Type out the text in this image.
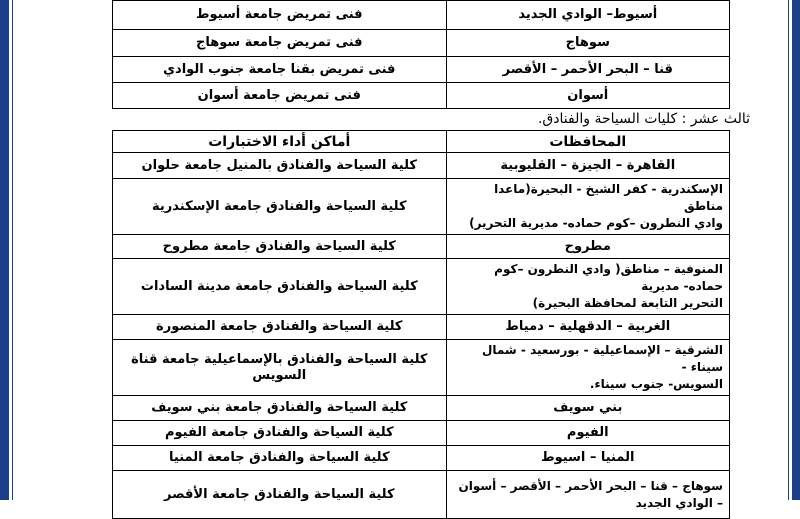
أسيوط– الوادي الجديد	فنى تمريض جامعة أسيوط
سوهاج	فنى تمريض جامعة سوهاج
قنا – البحر الأحمر – الأقصر	فنى تمريض بقنا جامعة جنوب الوادي
أسوان	فنى تمريض جامعة أسوان
ثالث عشر : كليات السياحة والفنادق.
المحافظات	أماكن أداء الاختبارات
القاهرة – الجيزة – القليوبية	كلية السياحة والفنادق بالمنيل جامعة حلوان

الإسكندرية - كفر الشيخ - البحيرة(ماعدا مناطق
وادي النطرون –كوم حماده- مديرية التحرير)	كلية السياحة والفنادق جامعة الإسكندرية
مطروح	كلية السياحة والفنادق جامعة مطروح

المنوفية – مناطق( وادي النطرون –كوم حماده- مديرية
التحرير التابعة لمحافظة البحيرة)	كلية السياحة والفنادق جامعة مدينة السادات
الغربية – الدقهلية – دمياط	كلية السياحة والفنادق جامعة المنصورة

الشرقية – الإسماعيلية - بورسعيد - شمال سيناء -
السويس- جنوب سيناء.	كلية السياحة والفنادق بالإسماعيلية جامعة قناة السويس
بني سويف	كلية السياحة والفنادق جامعة بني سويف
الفيوم	كلية السياحة والفنادق جامعة الفيوم
المنيا – اسيوط	كلية السياحة والفنادق جامعة المنيا

سوهاج – قنا – البحر الأحمر – الأقصر – أسوان
– الوادي الجديد	كلية السياحة والفنادق جامعة الأقصر
